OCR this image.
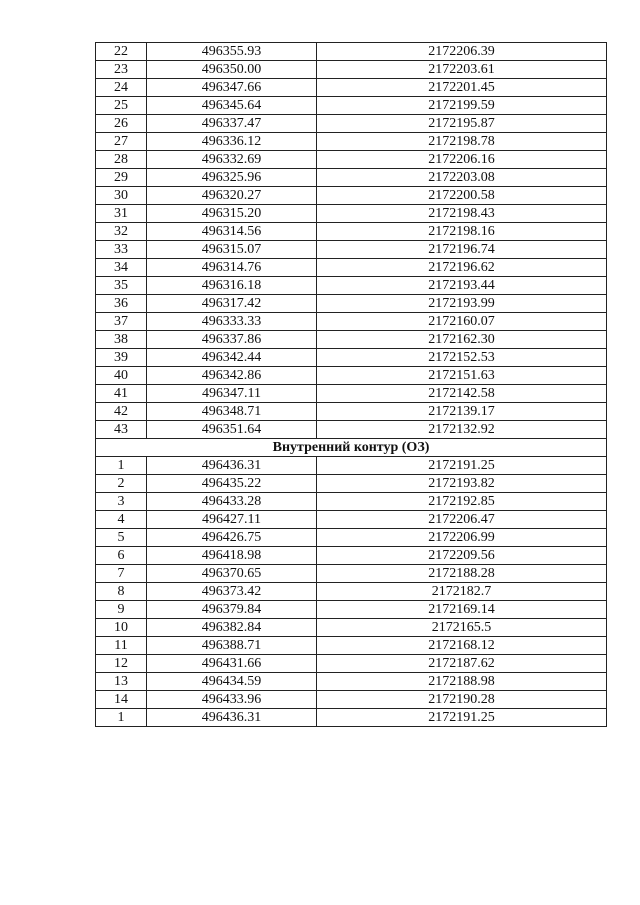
22	496355.93	2172206.39
23	496350.00	2172203.61
24	496347.66	2172201.45
25	496345.64	2172199.59
26	496337.47	2172195.87
27	496336.12	2172198.78
28	496332.69	2172206.16
29	496325.96	2172203.08
30	496320.27	2172200.58
31	496315.20	2172198.43
32	496314.56	2172198.16
33	496315.07	2172196.74
34	496314.76	2172196.62
35	496316.18	2172193.44
36	496317.42	2172193.99
37	496333.33	2172160.07
38	496337.86	2172162.30
39	496342.44	2172152.53
40	496342.86	2172151.63
41	496347.11	2172142.58
42	496348.71	2172139.17
43	496351.64	2172132.92
Внутренний контур (ОЗ)		
1	496436.31	2172191.25
2	496435.22	2172193.82
3	496433.28	2172192.85
4	496427.11	2172206.47
5	496426.75	2172206.99
6	496418.98	2172209.56
7	496370.65	2172188.28
8	496373.42	2172182.7
9	496379.84	2172169.14
10	496382.84	2172165.5
11	496388.71	2172168.12
12	496431.66	2172187.62
13	496434.59	2172188.98
14	496433.96	2172190.28
1	496436.31	2172191.25
